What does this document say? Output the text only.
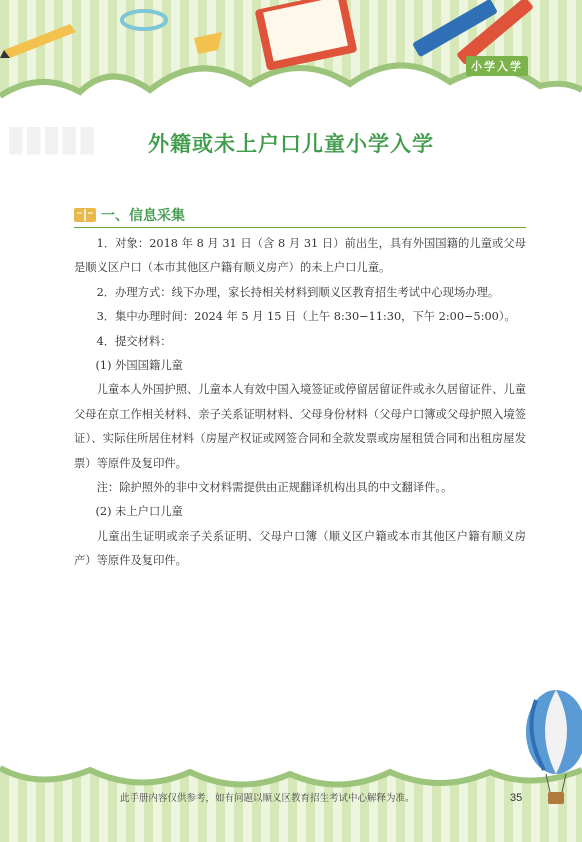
小学入学
▮▮▮▮▮	外籍或未上户口儿童小学入学
一、信息采集

1．对象：2018 年 8 月 31 日（含 8 月 31 日）前出生，具有外国国籍的儿童或父母是顺义区户口（本市其他区户籍有顺义房产）的未上户口儿童。

2．办理方式：线下办理，家长持相关材料到顺义区教育招生考试中心现场办理。

3．集中办理时间：2024 年 5 月 15 日（上午 8:30−11:30，下午 2:00−5:00）。

4．提交材料：

(1) 外国国籍儿童

儿童本人外国护照、儿童本人有效中国入境签证或停留居留证件或永久居留证件、儿童父母在京工作相关材料、亲子关系证明材料、父母身份材料（父母户口簿或父母护照入境签证）、实际住所居住材料（房屋产权证或网签合同和全款发票或房屋租赁合同和出租房屋发票）等原件及复印件。

注：除护照外的非中文材料需提供由正规翻译机构出具的中文翻译件。。

(2) 未上户口儿童

儿童出生证明或亲子关系证明、父母户口簿（顺义区户籍或本市其他区户籍有顺义房产）等原件及复印件。

此手册内容仅供参考，如有问题以顺义区教育招生考试中心解释为准。	35
